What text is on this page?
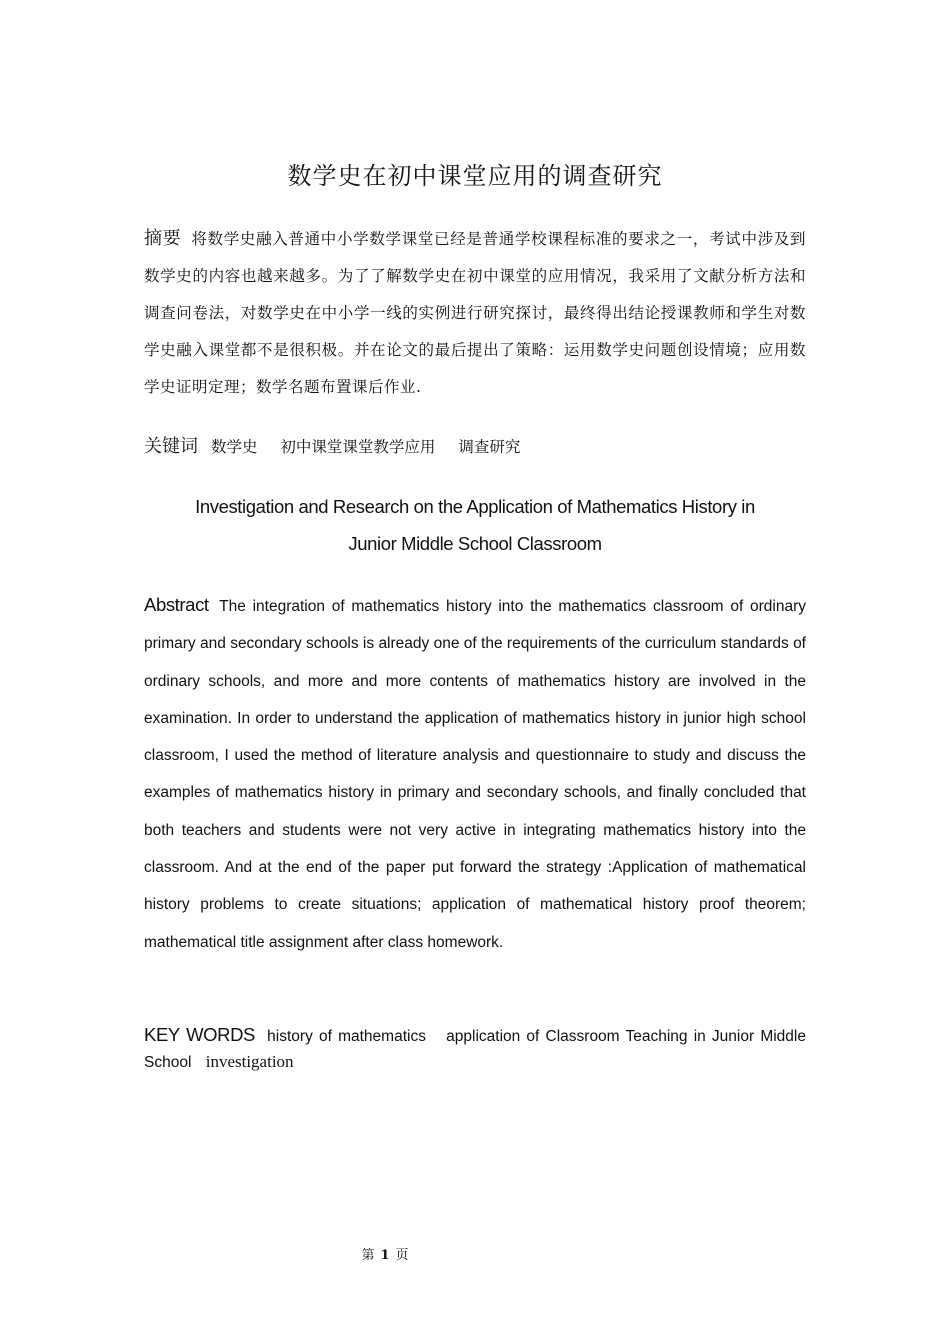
数学史在初中课堂应用的调查研究
摘要 将数学史融入普通中小学数学课堂已经是普通学校课程标准的要求之一，考试中涉及到数学史的内容也越来越多。为了了解数学史在初中课堂的应用情况，我采用了文献分析方法和调查问卷法，对数学史在中小学一线的实例进行研究探讨，最终得出结论授课教师和学生对数学史融入课堂都不是很积极。并在论文的最后提出了策略：运用数学史问题创设情境；应用数学史证明定理；数学名题布置课后作业.
关键词 数学史 初中课堂课堂教学应用 调查研究
Investigation and Research on the Application of Mathematics History in
Junior Middle School Classroom
Abstract The integration of mathematics history into the mathematics classroom of ordinary primary and secondary schools is already one of the requirements of the curriculum standards of ordinary schools, and more and more contents of mathematics history are involved in the examination. In order to understand the application of mathematics history in junior high school classroom, I used the method of literature analysis and questionnaire to study and discuss the examples of mathematics history in primary and secondary schools, and finally concluded that both teachers and students were not very active in integrating mathematics history into the classroom. And at the end of the paper put forward the strategy :Application of mathematical history problems to create situations; application of mathematical history proof theorem; mathematical title assignment after class homework.
KEY WORDS history of mathematics application of Classroom Teaching in Junior Middle School investigation
第 1 页
